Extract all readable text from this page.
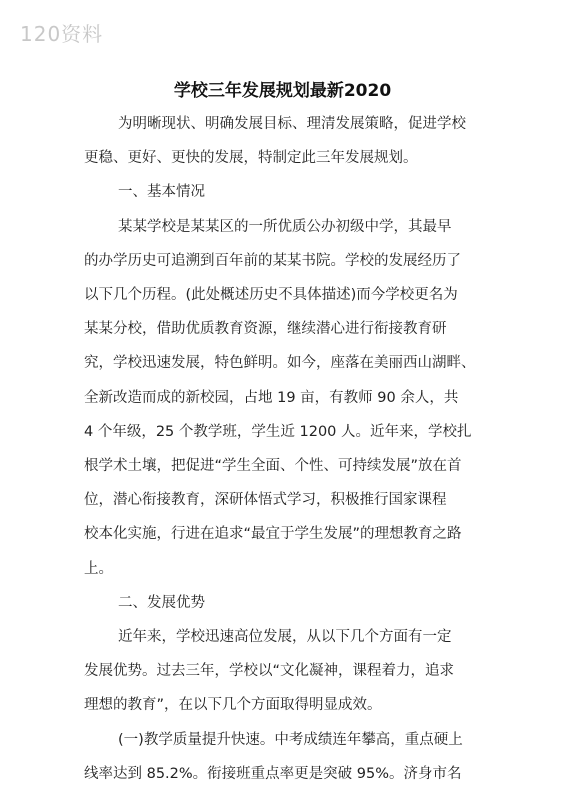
120资料
学校三年发展规划最新2020
为明晰现状、明确发展目标、理清发展策略，促进学校
更稳、更好、更快的发展，特制定此三年发展规划。
一、基本情况
某某学校是某某区的一所优质公办初级中学，其最早
的办学历史可追溯到百年前的某某书院。学校的发展经历了
以下几个历程。(此处概述历史不具体描述)而今学校更名为
某某分校，借助优质教育资源，继续潜心进行衔接教育研
究，学校迅速发展，特色鲜明。如今，座落在美丽西山湖畔、
全新改造而成的新校园，占地 19 亩，有教师 90 余人，共
4 个年级，25 个教学班，学生近 1200 人。近年来，学校扎
根学术土壤，把促进“学生全面、个性、可持续发展”放在首
位，潜心衔接教育，深研体悟式学习，积极推行国家课程
校本化实施，行进在追求“最宜于学生发展”的理想教育之路
上。
二、发展优势
近年来，学校迅速高位发展，从以下几个方面有一定
发展优势。过去三年，学校以“文化凝神，课程着力，追求
理想的教育”，在以下几个方面取得明显成效。
(一)教学质量提升快速。中考成绩连年攀高，重点硬上
线率达到 85.2%。衔接班重点率更是突破 95%。济身市名
